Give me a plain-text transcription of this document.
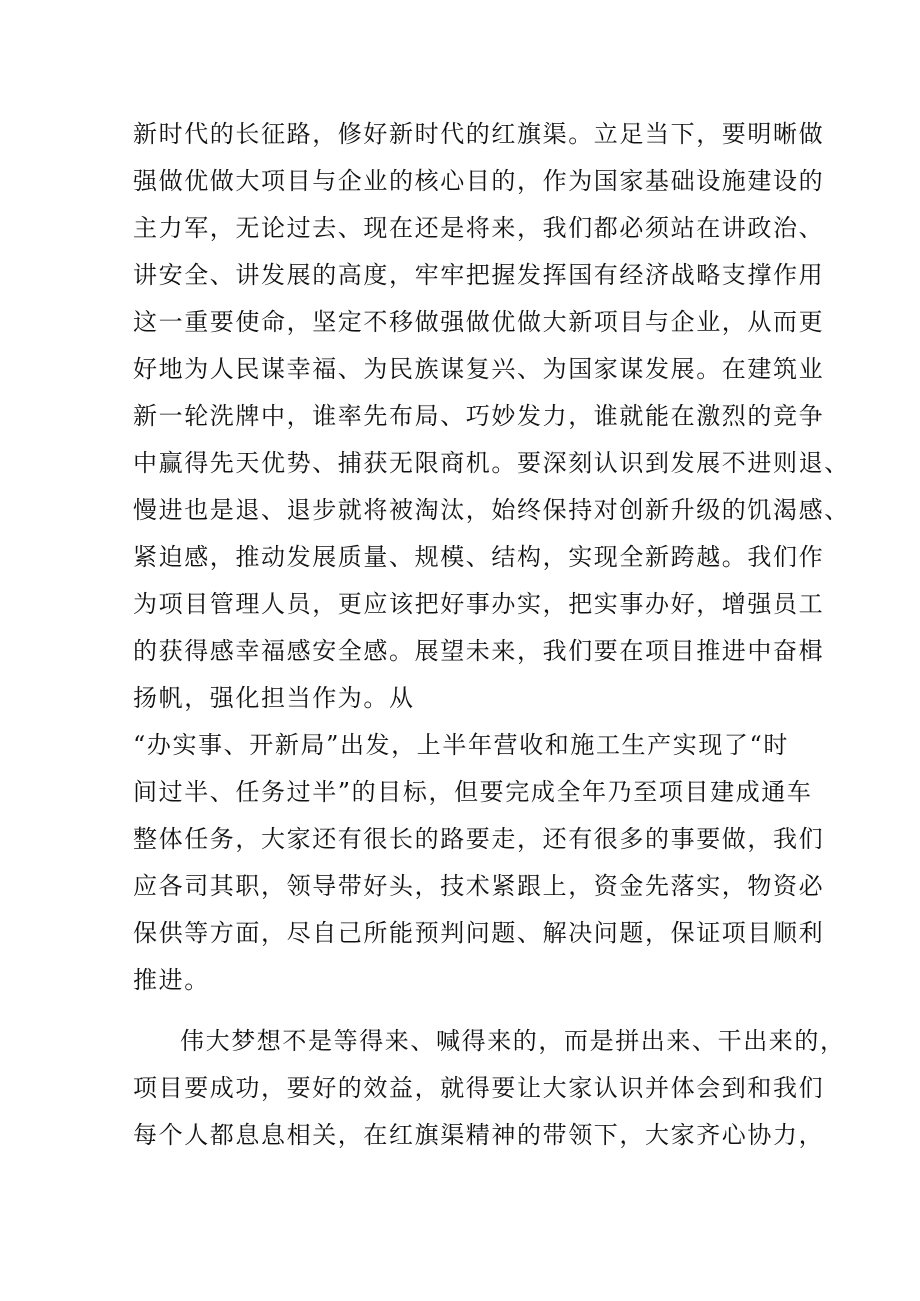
新时代的长征路，修好新时代的红旗渠。立足当下，要明晰做
强做优做大项目与企业的核心目的，作为国家基础设施建设的
主力军，无论过去、现在还是将来，我们都必须站在讲政治、
讲安全、讲发展的高度，牢牢把握发挥国有经济战略支撑作用
这一重要使命，坚定不移做强做优做大新项目与企业，从而更
好地为人民谋幸福、为民族谋复兴、为国家谋发展。在建筑业
新一轮洗牌中，谁率先布局、巧妙发力，谁就能在激烈的竞争
中赢得先天优势、捕获无限商机。要深刻认识到发展不进则退、
慢进也是退、退步就将被淘汰，始终保持对创新升级的饥渴感、
紧迫感，推动发展质量、规模、结构，实现全新跨越。我们作
为项目管理人员，更应该把好事办实，把实事办好，增强员工
的获得感幸福感安全感。展望未来，我们要在项目推进中奋楫
扬帆，强化担当作为。从
“办实事、开新局”出发，上半年营收和施工生产实现了“时
间过半、任务过半”的目标，但要完成全年乃至项目建成通车
整体任务，大家还有很长的路要走，还有很多的事要做，我们
应各司其职，领导带好头，技术紧跟上，资金先落实，物资必
保供等方面，尽自己所能预判问题、解决问题，保证项目顺利
推进。
伟大梦想不是等得来、喊得来的，而是拼出来、干出来的，
项目要成功，要好的效益，就得要让大家认识并体会到和我们
每个人都息息相关，在红旗渠精神的带领下，大家齐心协力，
